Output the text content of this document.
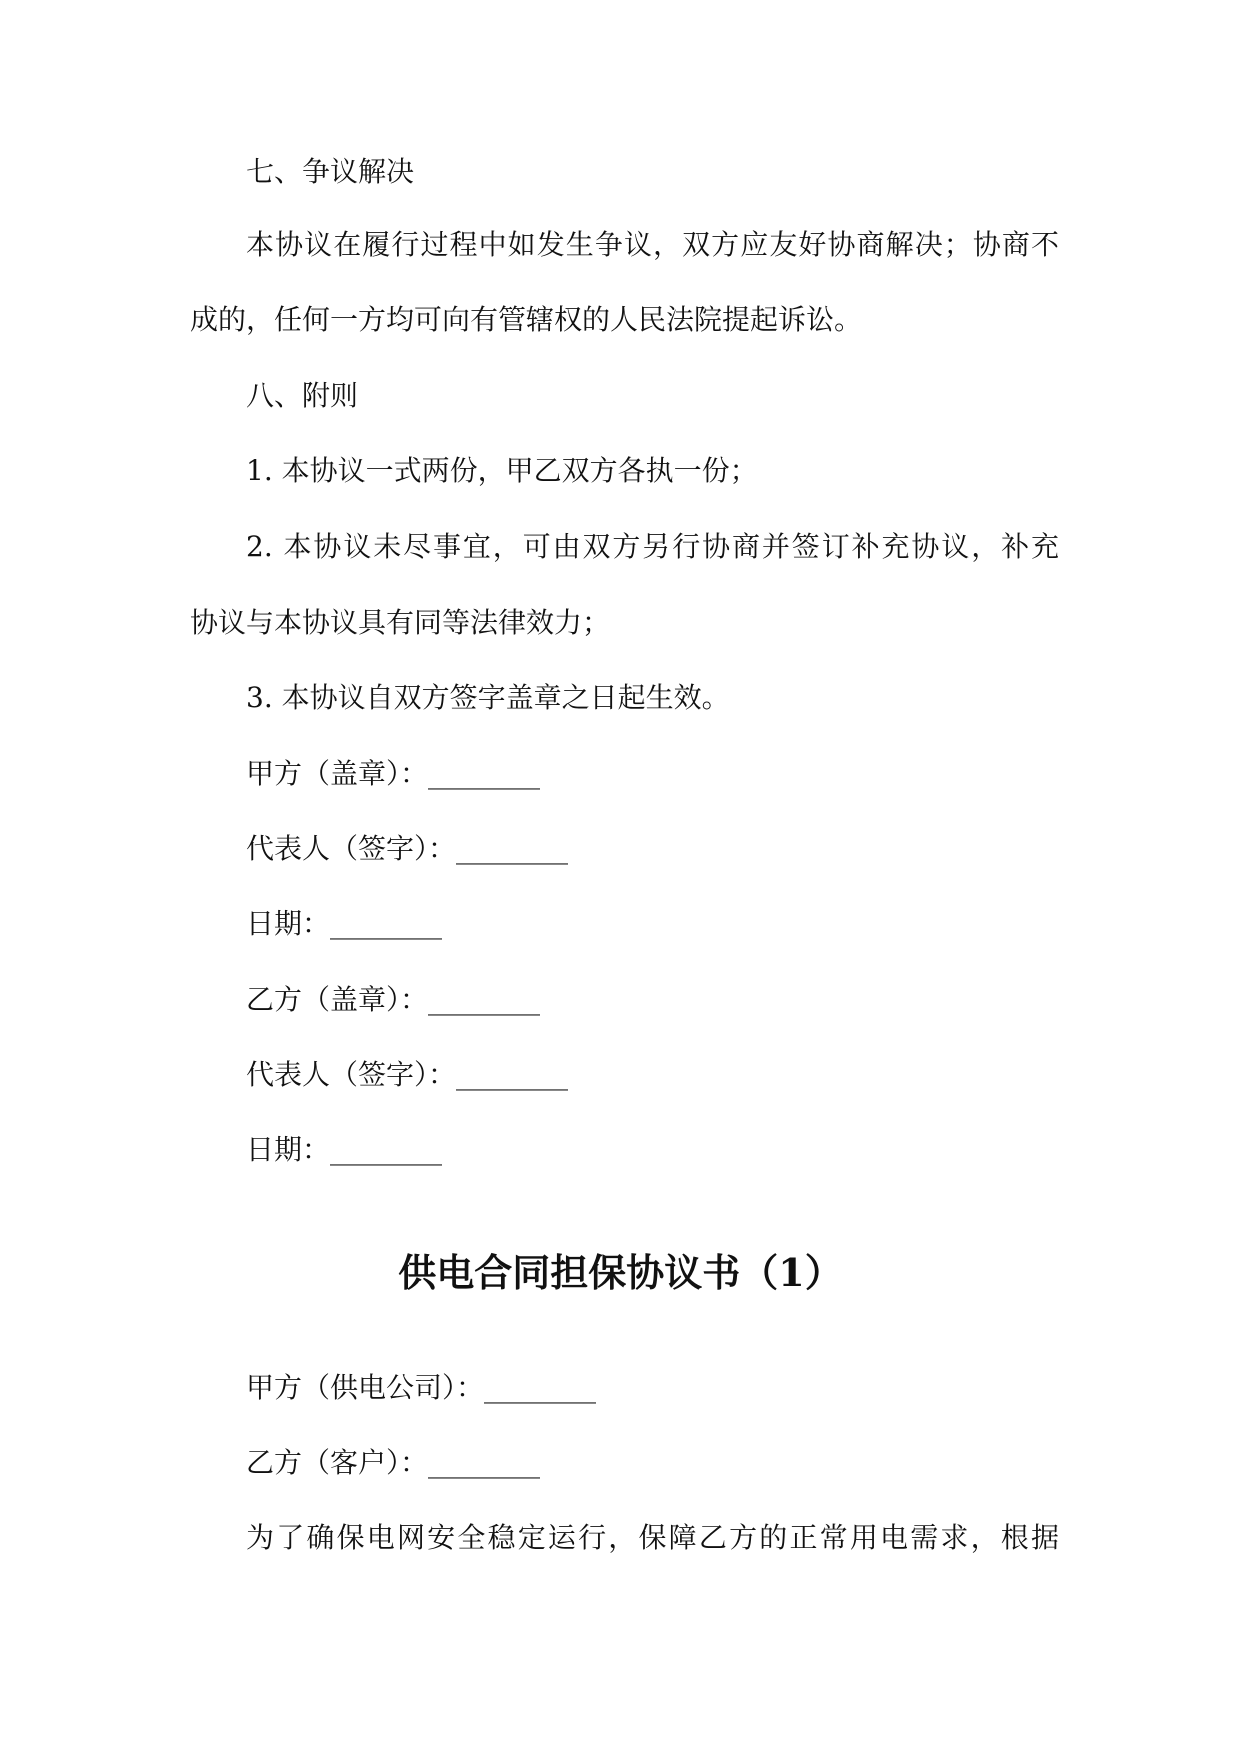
七、争议解决

本协议在履行过程中如发生争议，双方应友好协商解决；协商不

成的，任何一方均可向有管辖权的人民法院提起诉讼。

八、附则

1. 本协议一式两份，甲乙双方各执一份；

2. 本协议未尽事宜，可由双方另行协商并签订补充协议，补充

协议与本协议具有同等法律效力；

3. 本协议自双方签字盖章之日起生效。

甲方（盖章）：________

代表人（签字）：________

日期：________

乙方（盖章）：________

代表人（签字）：________

日期：________

供电合同担保协议书（1）

甲方（供电公司）：________

乙方（客户）：________

为了确保电网安全稳定运行，保障乙方的正常用电需求，根据
